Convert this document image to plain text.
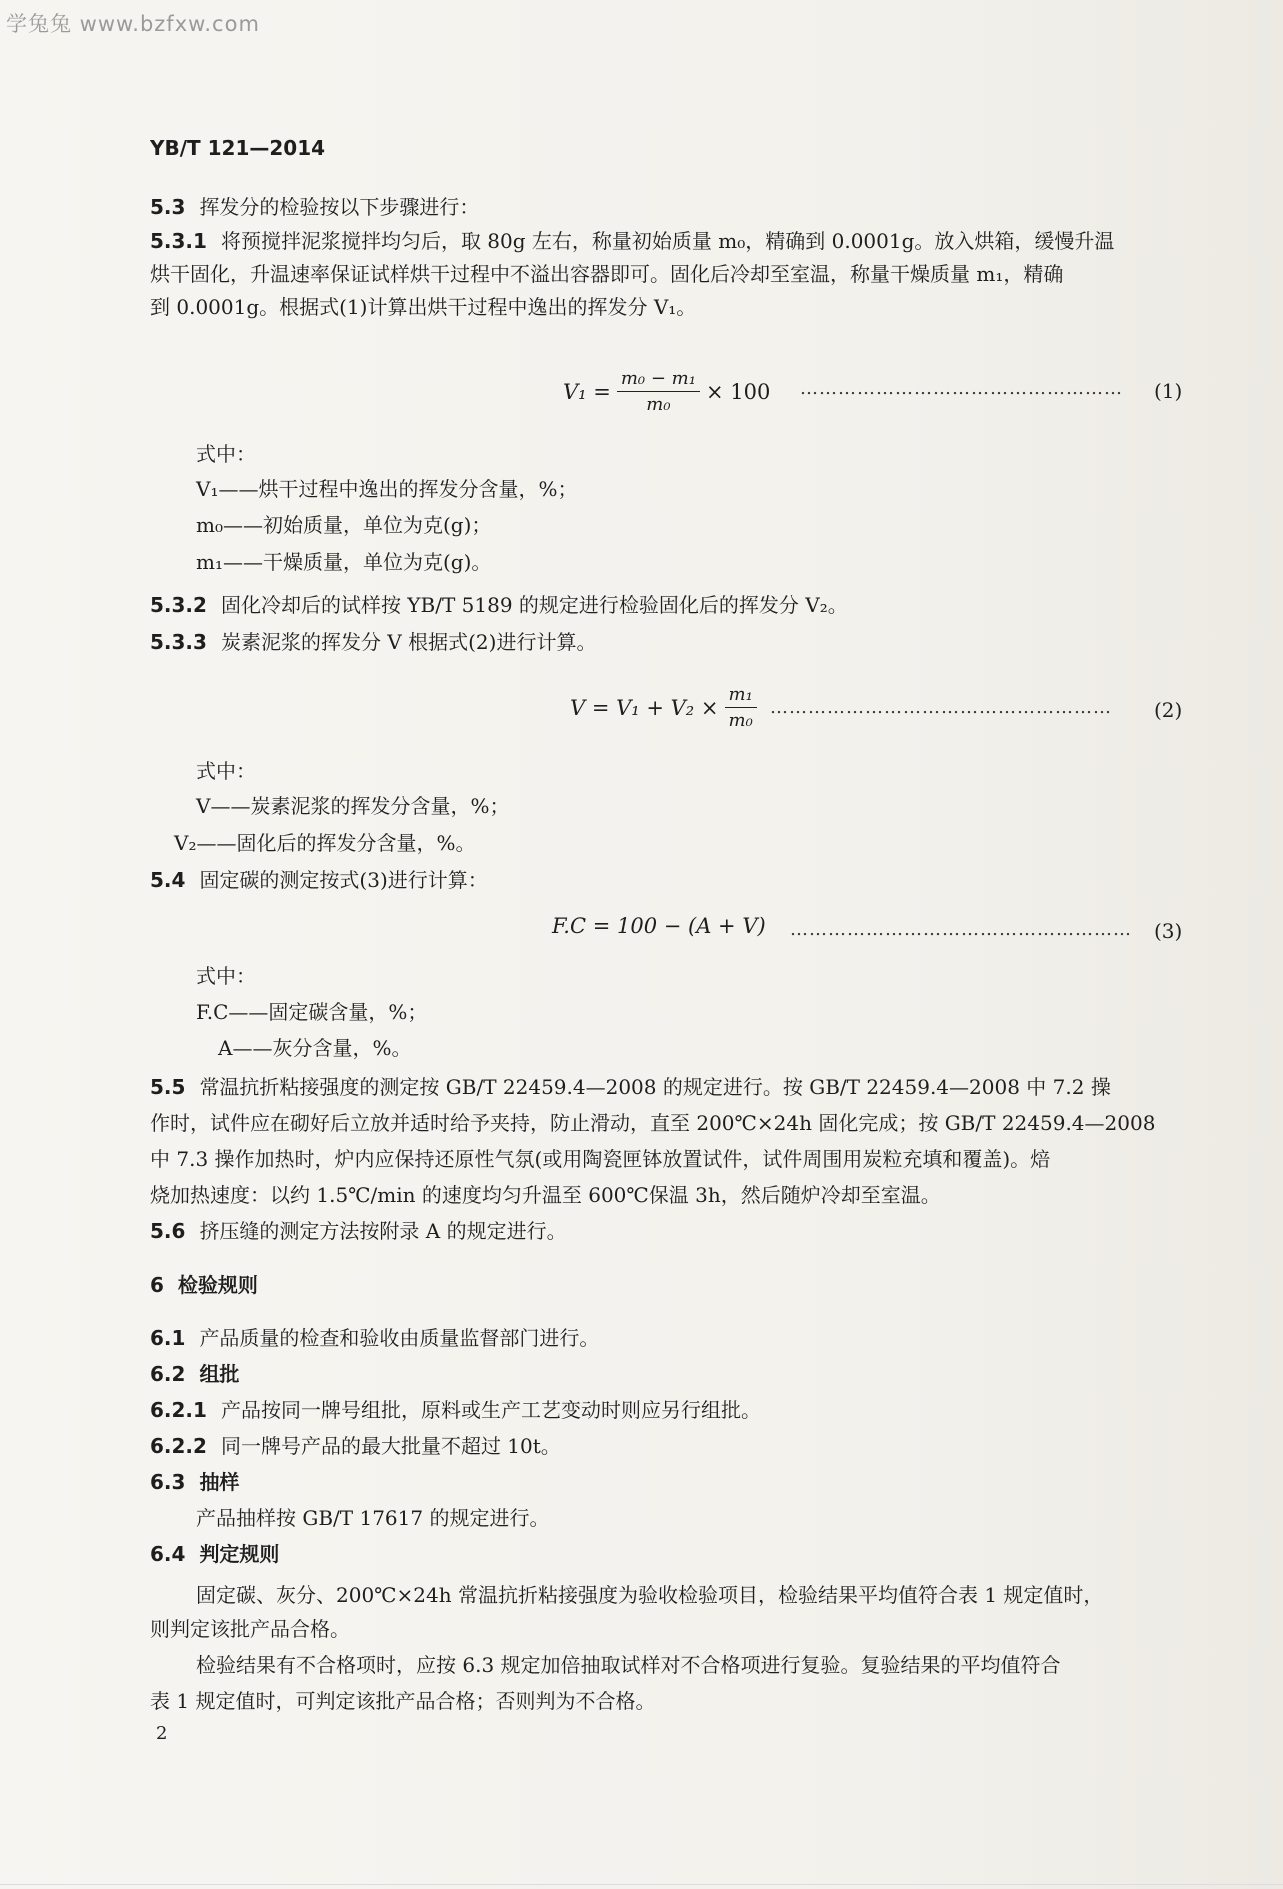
学兔兔 www.bzfxw.com
YB/T 121—2014
5.3 挥发分的检验按以下步骤进行：
5.3.1 将预搅拌泥浆搅拌均匀后，取 80g 左右，称量初始质量 m₀，精确到 0.0001g。放入烘箱，缓慢升温
烘干固化，升温速率保证试样烘干过程中不溢出容器即可。固化后冷却至室温，称量干燥质量 m₁，精确
到 0.0001g。根据式(1)计算出烘干过程中逸出的挥发分 V₁。
$V_1 = \frac{\text{m₀ − m₁}}{\text{m₀}} \times 100$ ……………………………………………	(1)
式中：
V₁——烘干过程中逸出的挥发分含量，%；
m₀——初始质量，单位为克(g)；
m₁——干燥质量，单位为克(g)。
5.3.2 固化冷却后的试样按 YB/T 5189 的规定进行检验固化后的挥发分 V₂。
5.3.3 炭素泥浆的挥发分 V 根据式(2)进行计算。
$V = V_1 + V_2 \times \frac{\text{m₁}}{\text{m₀}}$ ………………………………………………	(2)
式中：
V——炭素泥浆的挥发分含量，%；
V₂——固化后的挥发分含量，%。
5.4 固定碳的测定按式(3)进行计算：
F.C = 100 − (A + V) ………………………………………………	(3)
式中：
F.C——固定碳含量，%；
A——灰分含量，%。
5.5 常温抗折粘接强度的测定按 GB/T 22459.4—2008 的规定进行。按 GB/T 22459.4—2008 中 7.2 操
作时，试件应在砌好后立放并适时给予夹持，防止滑动，直至 200℃×24h 固化完成；按 GB/T 22459.4—2008
中 7.3 操作加热时，炉内应保持还原性气氛(或用陶瓷匣钵放置试件，试件周围用炭粒充填和覆盖)。焙
烧加热速度：以约 1.5℃/min 的速度均匀升温至 600℃保温 3h，然后随炉冷却至室温。
5.6 挤压缝的测定方法按附录 A 的规定进行。
6 检验规则
6.1 产品质量的检查和验收由质量监督部门进行。
6.2 组批
6.2.1 产品按同一牌号组批，原料或生产工艺变动时则应另行组批。
6.2.2 同一牌号产品的最大批量不超过 10t。
6.3 抽样
产品抽样按 GB/T 17617 的规定进行。
6.4 判定规则
固定碳、灰分、200℃×24h 常温抗折粘接强度为验收检验项目，检验结果平均值符合表 1 规定值时，
则判定该批产品合格。
检验结果有不合格项时，应按 6.3 规定加倍抽取试样对不合格项进行复验。复验结果的平均值符合
表 1 规定值时，可判定该批产品合格；否则判为不合格。
2
